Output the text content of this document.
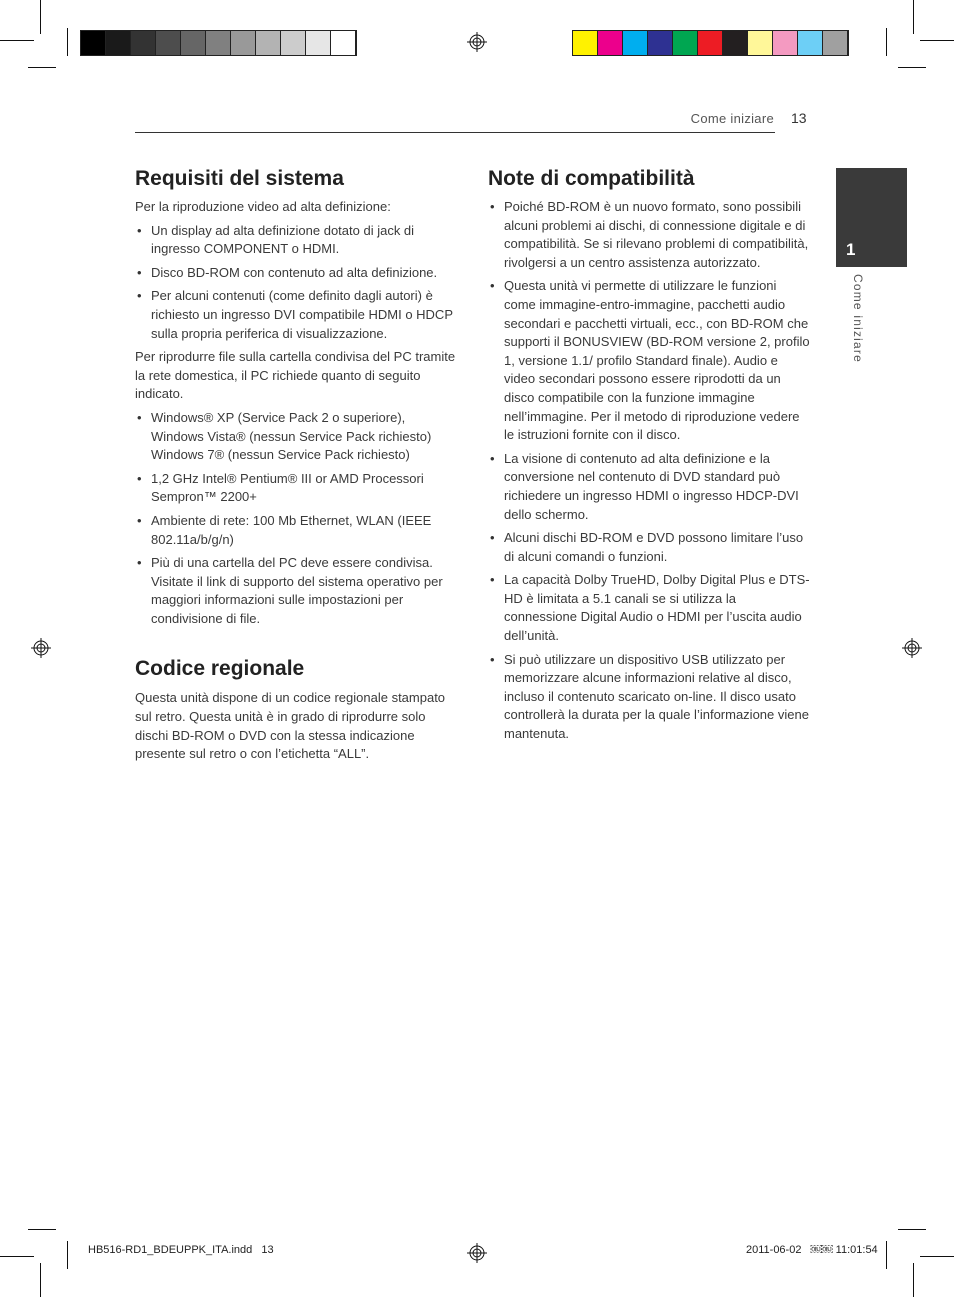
Come iniziare 13
1
Come iniziare
Requisiti del sistema

Per la riproduzione video ad alta definizione:

• Un display ad alta definizione dotato di jack di ingresso COMPONENT o HDMI.
• Disco BD-ROM con contenuto ad alta definizione.
• Per alcuni contenuti (come definito dagli autori) è richiesto un ingresso DVI compatibile HDMI o HDCP sulla propria periferica di visualizzazione.

Per riprodurre file sulla cartella condivisa del PC tramite la rete domestica, il PC richiede quanto di seguito indicato.

• Windows® XP (Service Pack 2 o superiore), Windows Vista® (nessun Service Pack richiesto) Windows 7® (nessun Service Pack richiesto)
• 1,2 GHz Intel® Pentium® III or AMD Processori Sempron™ 2200+
• Ambiente di rete: 100 Mb Ethernet, WLAN (IEEE 802.11a/b/g/n)
• Più di una cartella del PC deve essere condivisa. Visitate il link di supporto del sistema operativo per maggiori informazioni sulle impostazioni per condivisione di file.
Codice regionale

Questa unità dispone di un codice regionale stampato sul retro. Questa unità è in grado di riprodurre solo dischi BD-ROM o DVD con la stessa indicazione presente sul retro o con l’etichetta “ALL”.

Note di compatibilità
• Poiché BD-ROM è un nuovo formato, sono possibili alcuni problemi ai dischi, di connessione digitale e di compatibilità. Se si rilevano problemi di compatibilità, rivolgersi a un centro assistenza autorizzato.
• Questa unità vi permette di utilizzare le funzioni come immagine-entro-immagine, pacchetti audio secondari e pacchetti virtuali, ecc., con BD-ROM che supporti il BONUSVIEW (BD-ROM versione 2, profilo 1, versione 1.1/ profilo Standard finale). Audio e video secondari possono essere riprodotti da un disco compatibile con la funzione immagine nell’immagine. Per il metodo di riproduzione vedere le istruzioni fornite con il disco.
• La visione di contenuto ad alta definizione e la conversione nel contenuto di DVD standard può richiedere un ingresso HDMI o ingresso HDCP-DVI dello schermo.
• Alcuni dischi BD-ROM e DVD possono limitare l’uso di alcuni comandi o funzioni.
• La capacità Dolby TrueHD, Dolby Digital Plus e DTS-HD è limitata a 5.1 canali se si utilizza la connessione Digital Audio o HDMI per l’uscita audio dell’unità.
• Si può utilizzare un dispositivo USB utilizzato per memorizzare alcune informazioni relative al disco, incluso il contenuto scaricato on-line. Il disco usato controllerà la durata per la quale l’informazione viene mantenuta.
HB516-RD1_BDEUPPK_ITA.indd   13	2011-06-02   ￼￼ 11:01:54
